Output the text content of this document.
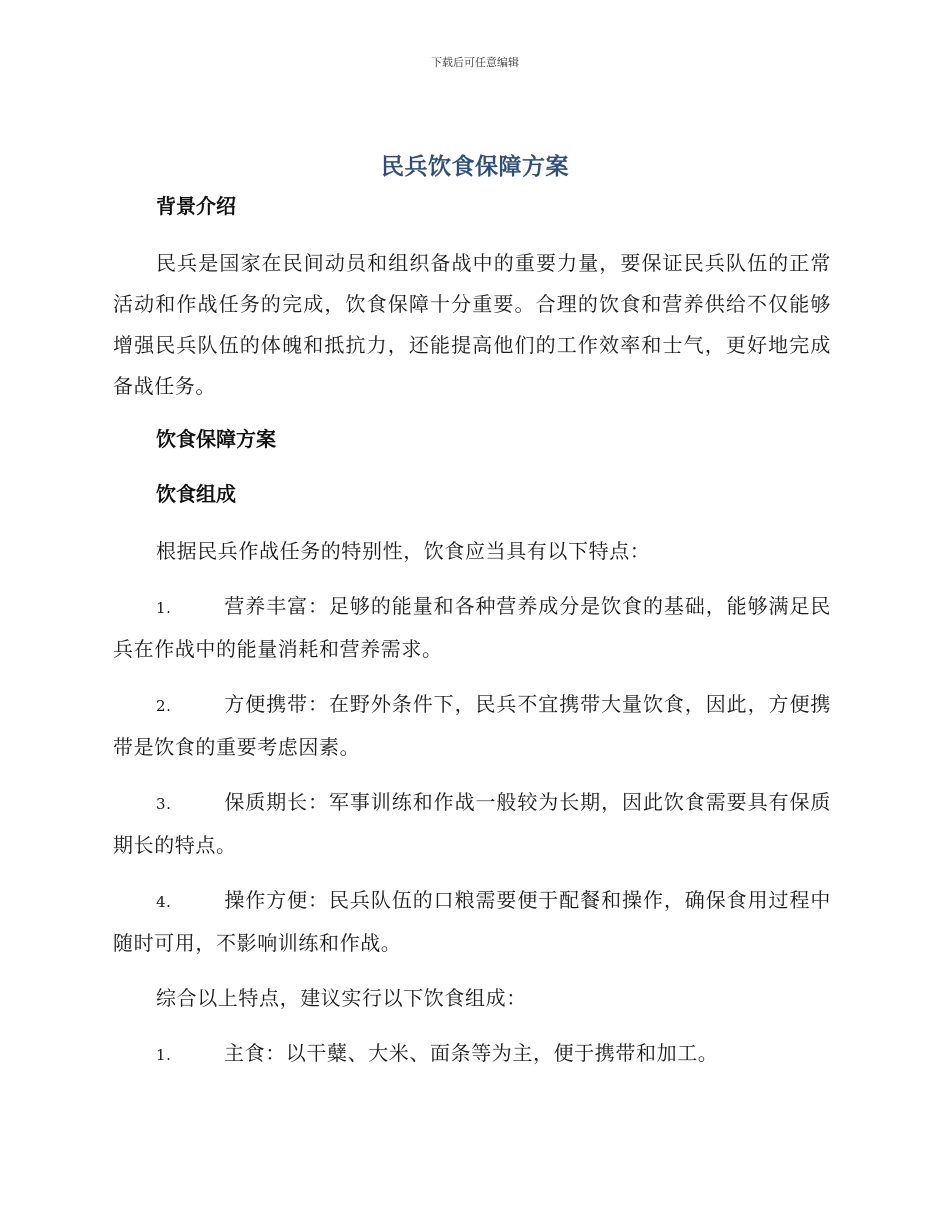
下载后可任意编辑
民兵饮食保障方案
背景介绍
民兵是国家在民间动员和组织备战中的重要力量，要保证民兵队伍的正常活动和作战任务的完成，饮食保障十分重要。合理的饮食和营养供给不仅能够增强民兵队伍的体魄和抵抗力，还能提高他们的工作效率和士气，更好地完成备战任务。
饮食保障方案
饮食组成
根据民兵作战任务的特别性，饮食应当具有以下特点：
1.	营养丰富：足够的能量和各种营养成分是饮食的基础，能够满足民兵在作战中的能量消耗和营养需求。
2.	方便携带：在野外条件下，民兵不宜携带大量饮食，因此，方便携带是饮食的重要考虑因素。
3.	保质期长：军事训练和作战一般较为长期，因此饮食需要具有保质期长的特点。
4.	操作方便：民兵队伍的口粮需要便于配餐和操作，确保食用过程中随时可用，不影响训练和作战。
综合以上特点，建议实行以下饮食组成：
1.	主食：以干糵、大米、面条等为主，便于携带和加工。
